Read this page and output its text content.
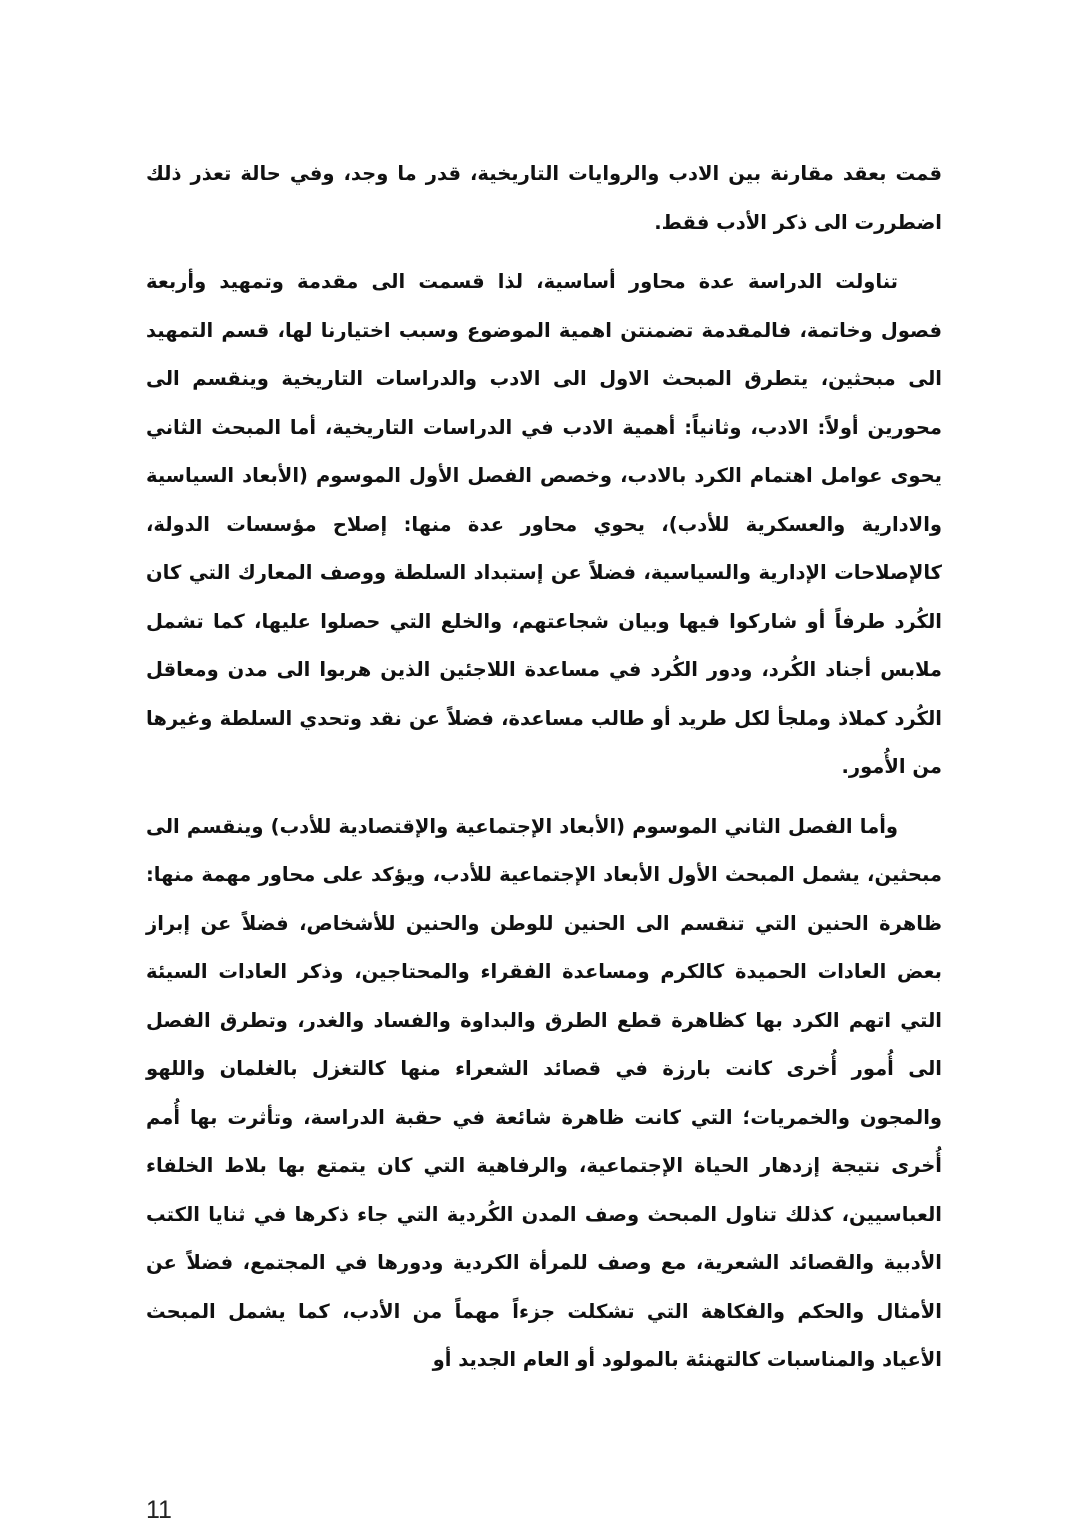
قمت بعقد مقارنة بين الادب والروايات التاريخية، قدر ما وجد، وفي حالة تعذر ذلك اضطررت الى ذكر الأدب فقط.

تناولت الدراسة عدة محاور أساسية، لذا قسمت الى مقدمة وتمهيد وأربعة فصول وخاتمة، فالمقدمة تضمنتن اهمية الموضوع وسبب اختيارنا لها، قسم التمهيد الى مبحثين، يتطرق المبحث الاول الى الادب والدراسات التاريخية وينقسم الى محورين أولاً: الادب، وثانياً: أهمية الادب في الدراسات التاريخية، أما المبحث الثاني يحوى عوامل اهتمام الكرد بالادب، وخصص الفصل الأول الموسوم (الأبعاد السياسية والادارية والعسكرية للأدب)، يحوي محاور عدة منها: إصلاح مؤسسات الدولة، كالإصلاحات الإدارية والسياسية، فضلاً عن إستبداد السلطة ووصف المعارك التي كان الكُرد طرفاً أو شاركوا فيها وبيان شجاعتهم، والخلع التي حصلوا عليها، كما تشمل ملابس أجناد الكُرد، ودور الكُرد في مساعدة اللاجئين الذين هربوا الى مدن ومعاقل الكُرد كملاذ وملجأ لكل طريد أو طالب مساعدة، فضلاً عن نقد وتحدي السلطة وغيرها من الأُمور.

وأما الفصل الثاني الموسوم (الأبعاد الإجتماعية والإقتصادية للأدب) وينقسم الى مبحثين، يشمل المبحث الأول الأبعاد الإجتماعية للأدب، ويؤكد على محاور مهمة منها: ظاهرة الحنين التي تنقسم الى الحنين للوطن والحنين للأشخاص، فضلاً عن إبراز بعض العادات الحميدة كالكرم ومساعدة الفقراء والمحتاجين، وذكر العادات السيئة التي اتهم الكرد بها كظاهرة قطع الطرق والبداوة والفساد والغدر، وتطرق الفصل الى أُمور أُخرى كانت بارزة في قصائد الشعراء منها كالتغزل بالغلمان واللهو والمجون والخمريات؛ التي كانت ظاهرة شائعة في حقبة الدراسة، وتأثرت بها أُمم أُخرى نتيجة إزدهار الحياة الإجتماعية، والرفاهية التي كان يتمتع بها بلاط الخلفاء العباسيين، كذلك تناول المبحث وصف المدن الكُردية التي جاء ذكرها في ثنايا الكتب الأدبية والقصائد الشعرية، مع وصف للمرأة الكردية ودورها في المجتمع، فضلاً عن الأمثال والحكم والفكاهة التي تشكلت جزءاً مهماً من الأدب، كما يشمل المبحث الأعياد والمناسبات كالتهنئة بالمولود أو العام الجديد أو

11
